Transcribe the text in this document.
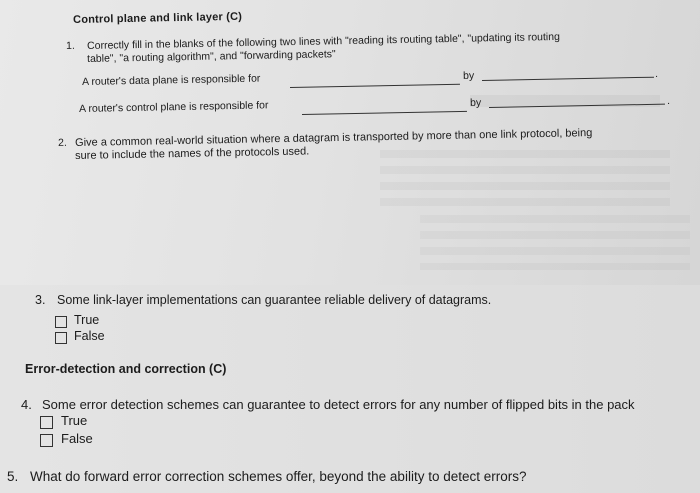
Control plane and link layer (C)
1. Correctly fill in the blanks of the following two lines with "reading its routing table", "updating its routing
table", "a routing algorithm", and "forwarding packets"
A router's data plane is responsible for	by	.
A router's control plane is responsible for	by	.
2. Give a common real-world situation where a datagram is transported by more than one link protocol, being
sure to include the names of the protocols used.
3. Some link-layer implementations can guarantee reliable delivery of datagrams.
True
False
Error-detection and correction (C)
4. Some error detection schemes can guarantee to detect errors for any number of flipped bits in the pack
True
False
5. What do forward error correction schemes offer, beyond the ability to detect errors?
